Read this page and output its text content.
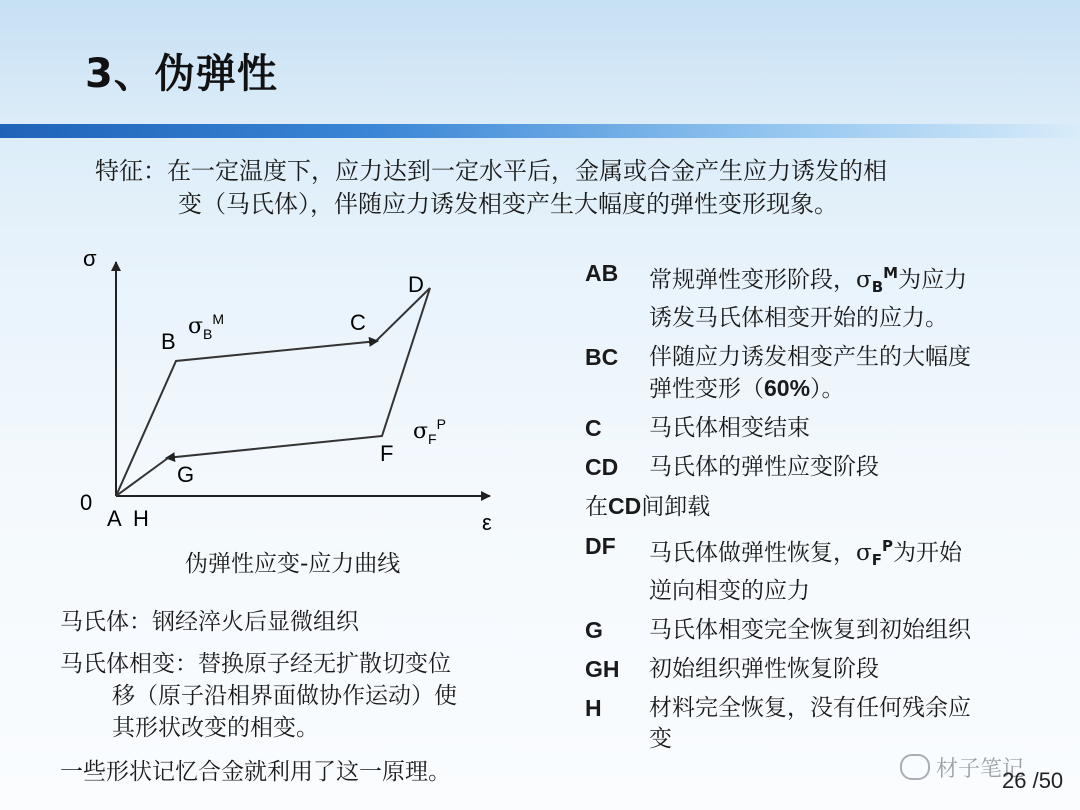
3、伪弹性
特征：在一定温度下，应力达到一定水平后，金属或合金产生应力诱发的相
变（马氏体），伴随应力诱发相变产生大幅度的弹性变形现象。
σ
ε
0
A H
B
C
D
F
G
$\sigma_B^M$
$\sigma_F^P$
伪弹性应变-应力曲线
马氏体：钢经淬火后显微组织
马氏体相变：替换原子经无扩散切变位
移（原子沿相界面做协作运动）使
其形状改变的相变。
一些形状记忆合金就利用了这一原理。
AB	常规弹性变形阶段，$\sigma_B^M$为应力
诱发马氏体相变开始的应力。
BC	伴随应力诱发相变产生的大幅度
弹性变形（60%）。
C	马氏体相变结束
CD	马氏体的弹性应变阶段
在CD间卸载
DF	马氏体做弹性恢复，$\sigma_F^P$为开始
逆向相变的应力
G	马氏体相变完全恢复到初始组织
GH	初始组织弹性恢复阶段
H	材料完全恢复，没有任何残余应
变
材子笔记
26 /50
